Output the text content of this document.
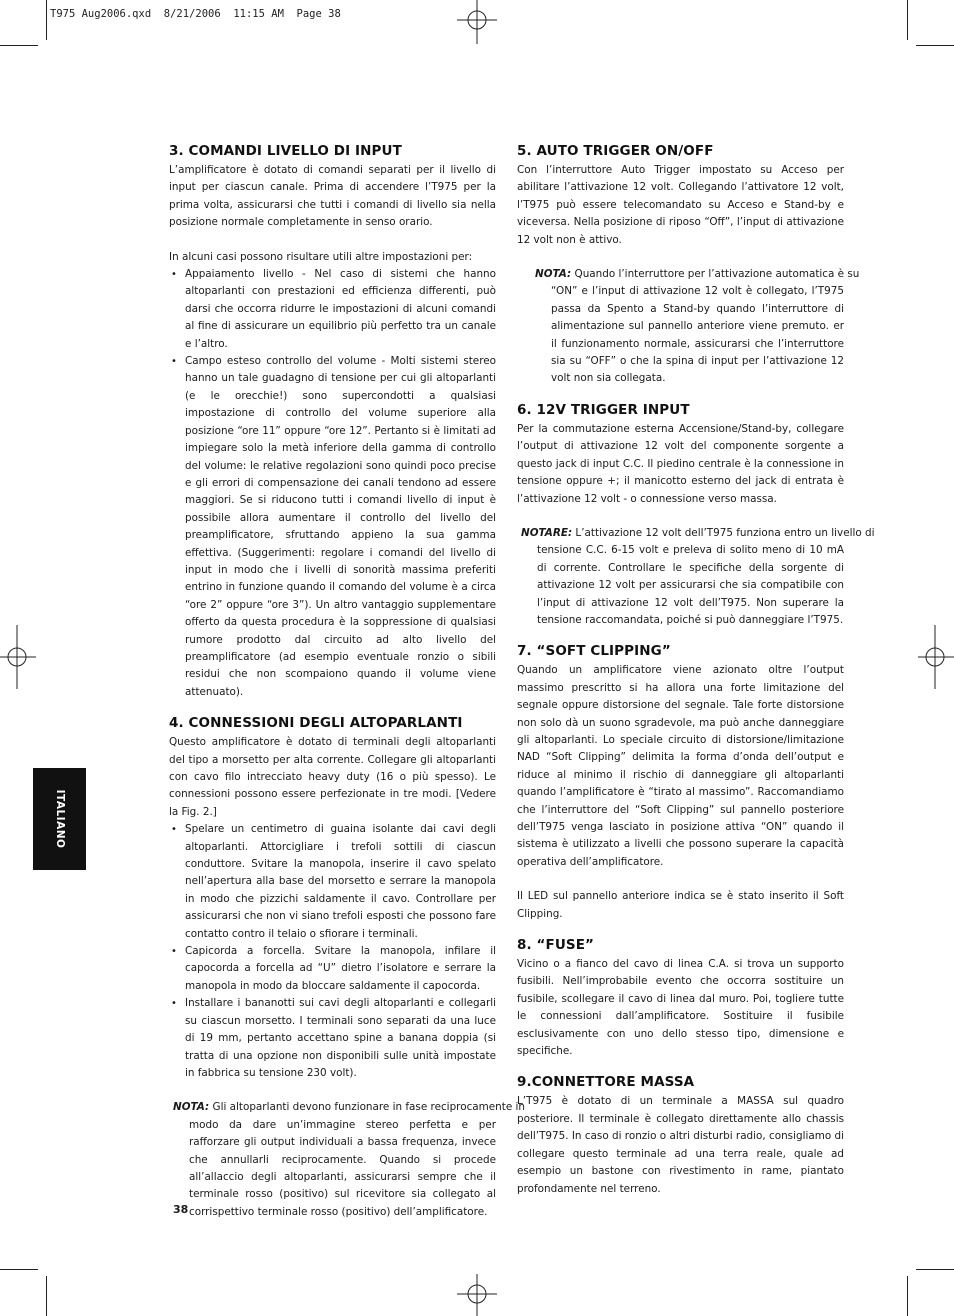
T975 Aug2006.qxd  8/21/2006  11:15 AM  Page 38
ITALIANO
3. COMANDI LIVELLO DI INPUT

L’amplificatore è dotato di comandi separati per il livello di input per ciascun canale. Prima di accendere l’T975 per la prima volta, assicurarsi che tutti i comandi di livello sia nella posizione normale completamente in senso orario.

In alcuni casi possono risultare utili altre impostazioni per:

• Appaiamento livello - Nel caso di sistemi che hanno altoparlanti con prestazioni ed efficienza differenti, può darsi che occorra ridurre le impostazioni di alcuni comandi al fine di assicurare un equilibrio più perfetto tra un canale e l’altro.
• Campo esteso controllo del volume - Molti sistemi stereo hanno un tale guadagno di tensione per cui gli altoparlanti (e le orecchie!) sono supercondotti a qualsiasi impostazione di controllo del volume superiore alla posizione “ore 11” oppure “ore 12”. Pertanto si è limitati ad impiegare solo la metà inferiore della gamma di controllo del volume: le relative regolazioni sono quindi poco precise e gli errori di compensazione dei canali tendono ad essere maggiori. Se si riducono tutti i comandi livello di input è possibile allora aumentare il controllo del livello del preamplificatore, sfruttando appieno la sua gamma effettiva. (Suggerimenti: regolare i comandi del livello di input in modo che i livelli di sonorità massima preferiti entrino in funzione quando il comando del volume è a circa “ore 2” oppure “ore 3”). Un altro vantaggio supplementare offerto da questa procedura è la soppressione di qualsiasi rumore prodotto dal circuito ad alto livello del preamplificatore (ad esempio eventuale ronzio o sibili residui che non scompaiono quando il volume viene attenuato).
4. CONNESSIONI DEGLI ALTOPARLANTI

Questo amplificatore è dotato di terminali degli altoparlanti del tipo a morsetto per alta corrente. Collegare gli altoparlanti con cavo filo intrecciato heavy duty (16 o più spesso). Le connessioni possono essere perfezionate in tre modi. [Vedere la Fig. 2.]

• Spelare un centimetro di guaina isolante dai cavi degli altoparlanti. Attorcigliare i trefoli sottili di ciascun conduttore. Svitare la manopola, inserire il cavo spelato nell’apertura alla base del morsetto e serrare la manopola in modo che pizzichi saldamente il cavo. Controllare per assicurarsi che non vi siano trefoli esposti che possono fare contatto contro il telaio o sfiorare i terminali.
• Capicorda a forcella. Svitare la manopola, infilare il capocorda a forcella ad “U” dietro l’isolatore e serrare la manopola in modo da bloccare saldamente il capocorda.
• Installare i bananotti sui cavi degli altoparlanti e collegarli su ciascun morsetto. I terminali sono separati da una luce di 19 mm, pertanto accettano spine a banana doppia (si tratta di una opzione non disponibili sulle unità impostate in fabbrica su tensione 230 volt).
NOTA: Gli altoparlanti devono funzionare in fase reciprocamente in
modo da dare un’immagine stereo perfetta e per rafforzare gli output individuali a bassa frequenza, invece che annullarli reciprocamente. Quando si procede all’allaccio degli altoparlanti, assicurarsi sempre che il terminale rosso (positivo) sul ricevitore sia collegato al corrispettivo terminale rosso (positivo) dell’amplificatore.
5. AUTO TRIGGER ON/OFF

Con l’interruttore Auto Trigger impostato su Acceso per abilitare l’attivazione 12 volt. Collegando l’attivatore 12 volt, l’T975 può essere telecomandato su Acceso e Stand-by e viceversa. Nella posizione di riposo “Off”, l’input di attivazione 12 volt non è attivo.

NOTA: Quando l’interruttore per l’attivazione automatica è su
“ON” e l’input di attivazione 12 volt è collegato, l’T975 passa da Spento a Stand-by quando l’interruttore di alimentazione sul pannello anteriore viene premuto. er il funzionamento normale, assicurarsi che l’interruttore sia su “OFF” o che la spina di input per l’attivazione 12 volt non sia collegata.
6. 12V TRIGGER INPUT

Per la commutazione esterna Accensione/Stand-by, collegare l’output di attivazione 12 volt del componente sorgente a questo jack di input C.C. Il piedino centrale è la connessione in tensione oppure +; il manicotto esterno del jack di entrata è l’attivazione 12 volt - o connessione verso massa.

NOTARE: L’attivazione 12 volt dell’T975 funziona entro un livello di
tensione C.C. 6-15 volt e preleva di solito meno di 10 mA di corrente. Controllare le specifiche della sorgente di attivazione 12 volt per assicurarsi che sia compatibile con l’input di attivazione 12 volt dell’T975. Non superare la tensione raccomandata, poiché si può danneggiare l’T975.
7. “SOFT CLIPPING”

Quando un amplificatore viene azionato oltre l’output massimo prescritto si ha allora una forte limitazione del segnale oppure distorsione del segnale. Tale forte distorsione non solo dà un suono sgradevole, ma può anche danneggiare gli altoparlanti. Lo speciale circuito di distorsione/limitazione NAD “Soft Clipping” delimita la forma d’onda dell’output e riduce al minimo il rischio di danneggiare gli altoparlanti quando l’amplificatore è “tirato al massimo”. Raccomandiamo che l’interruttore del “Soft Clipping” sul pannello posteriore dell’T975 venga lasciato in posizione attiva “ON” quando il sistema è utilizzato a livelli che possono superare la capacità operativa dell’amplificatore.

Il LED sul pannello anteriore indica se è stato inserito il Soft Clipping.

8. “FUSE”

Vicino o a fianco del cavo di linea C.A. si trova un supporto fusibili. Nell’improbabile evento che occorra sostituire un fusibile, scollegare il cavo di linea dal muro. Poi, togliere tutte le connessioni dall’amplificatore. Sostituire il fusibile esclusivamente con uno dello stesso tipo, dimensione e specifiche.

9.CONNETTORE MASSA

L’T975 è dotato di un terminale a MASSA sul quadro posteriore. Il terminale è collegato direttamente allo chassis dell’T975. In caso di ronzio o altri disturbi radio, consigliamo di collegare questo terminale ad una terra reale, quale ad esempio un bastone con rivestimento in rame, piantato profondamente nel terreno.

38
